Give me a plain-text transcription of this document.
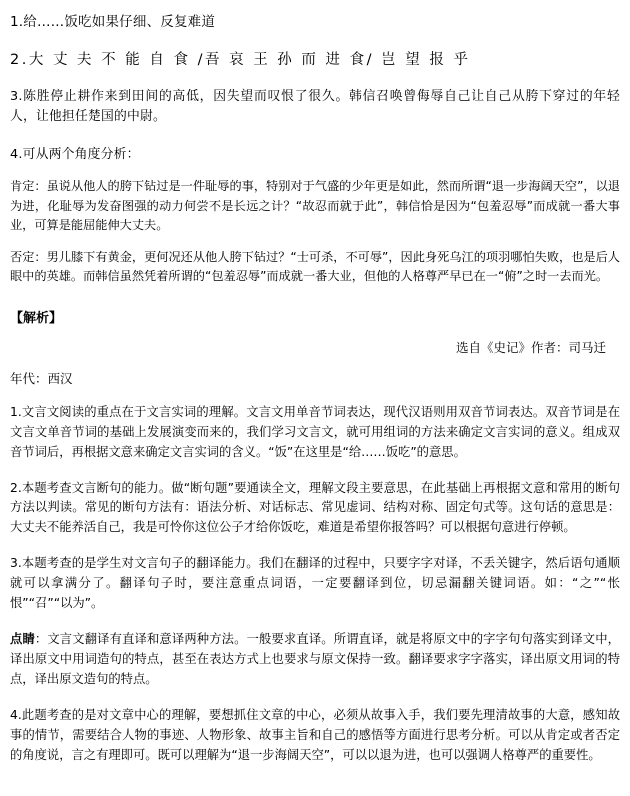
1.给……饭吃如果仔细、反复难道

2.大 丈 夫 不 能 自 食 /吾 哀 王 孙 而 进 食/ 岂 望 报 乎

3.陈胜停止耕作来到田间的高低，因失望而叹恨了很久。韩信召唤曾侮辱自己让自己从胯下穿过的年轻人，让他担任楚国的中尉。

4.可从两个角度分析：

肯定：虽说从他人的胯下钻过是一件耻辱的事，特别对于气盛的少年更是如此，然而所谓“退一步海阔天空”，以退为进，化耻辱为发奋图强的动力何尝不是长远之计？“故忍而就于此”，韩信恰是因为“包羞忍辱”而成就一番大事业，可算是能屈能伸大丈夫。

否定：男儿膝下有黄金，更何况还从他人胯下钻过？“士可杀，不可辱”，因此身死乌江的项羽哪怕失败，也是后人眼中的英雄。而韩信虽然凭着所谓的“包羞忍辱”而成就一番大业，但他的人格尊严早已在一“俯”之时一去而光。

【解析】

选自《史记》作者：司马迁

年代：西汉

1.文言文阅读的重点在于文言实词的理解。文言文用单音节词表达，现代汉语则用双音节词表达。双音节词是在文言文单音节词的基础上发展演变而来的，我们学习文言文，就可用组词的方法来确定文言实词的意义。组成双音节词后，再根据文意来确定文言实词的含义。“饭”在这里是“给……饭吃”的意思。

2.本题考查文言断句的能力。做“断句题”要通读全文，理解文段主要意思，在此基础上再根据文意和常用的断句方法以判读。常见的断句方法有：语法分析、对话标志、常见虚词、结构对称、固定句式等。这句话的意思是：大丈夫不能养活自己，我是可怜你这位公子才给你饭吃，难道是希望你报答吗？可以根据句意进行停顿。

3.本题考查的是学生对文言句子的翻译能力。我们在翻译的过程中，只要字字对译，不丢关键字，然后语句通顺就可以拿满分了。翻译句子时，要注意重点词语，一定要翻译到位，切忌漏翻关键词语。如：“之”“怅恨”“召”“以为”。

点睛：文言文翻译有直译和意译两种方法。一般要求直译。所谓直译，就是将原文中的字字句句落实到译文中，译出原文中用词造句的特点，甚至在表达方式上也要求与原文保持一致。翻译要求字字落实，译出原文用词的特点，译出原文造句的特点。

4.此题考查的是对文章中心的理解，要想抓住文章的中心，必须从故事入手，我们要先理清故事的大意，感知故事的情节，需要结合人物的事迹、人物形象、故事主旨和自己的感悟等方面进行思考分析。可以从肯定或者否定的角度说，言之有理即可。既可以理解为“退一步海阔天空”，可以以退为进，也可以强调人格尊严的重要性。
